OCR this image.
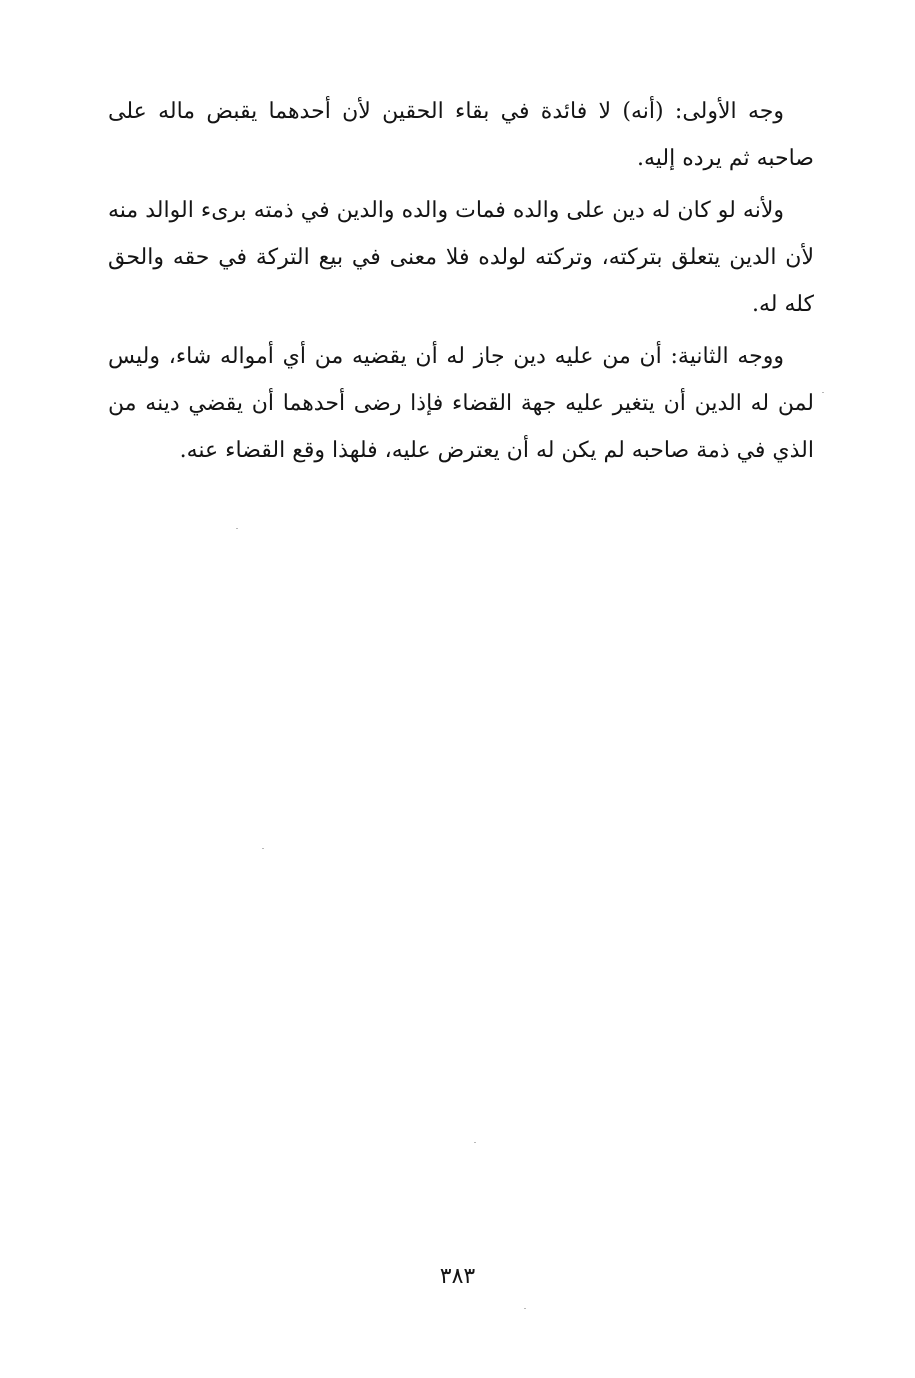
وجه الأولى: (أنه) لا فائدة في بقاء الحقين لأن أحدهما يقبض ماله على صاحبه ثم يرده إليه.

ولأنه لو كان له دين على والده فمات والده والدين في ذمته برىء الوالد منه لأن الدين يتعلق بتركته، وتركته لولده فلا معنى في بيع التركة في حقه والحق كله له.

ووجه الثانية: أن من عليه دين جاز له أن يقضيه من أي أمواله شاء، وليس لمن له الدين أن يتغير عليه جهة القضاء فإذا رضى أحدهما أن يقضي دينه من الذي في ذمة صاحبه لم يكن له أن يعترض عليه، فلهذا وقع القضاء عنه.

٣٨٣
